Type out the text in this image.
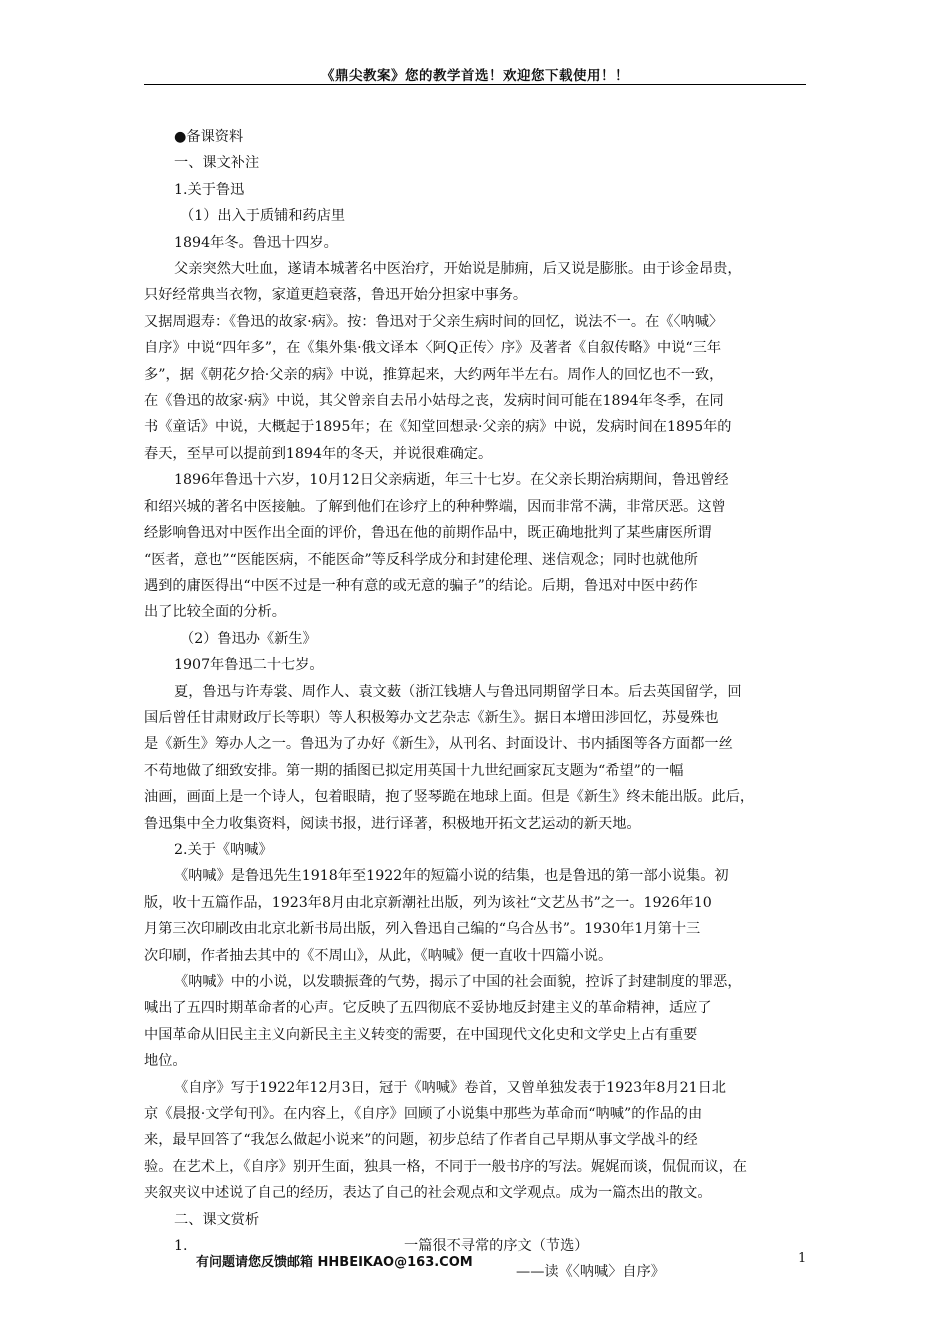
《鼎尖教案》您的教学首选！欢迎您下载使用！！
●备课资料
一、课文补注
1.关于鲁迅
（1）出入于质铺和药店里
1894年冬。鲁迅十四岁。
父亲突然大吐血，遂请本城著名中医治疗，开始说是肺痈，后又说是膨胀。由于诊金昂贵，
只好经常典当衣物，家道更趋衰落，鲁迅开始分担家中事务。
又据周遐寿：《鲁迅的故家·病》。按：鲁迅对于父亲生病时间的回忆，说法不一。在《〈呐喊〉
自序》中说“四年多”，在《集外集·俄文译本〈阿Q正传〉序》及著者《自叙传略》中说“三年
多”，据《朝花夕拾·父亲的病》中说，推算起来，大约两年半左右。周作人的回忆也不一致，
在《鲁迅的故家·病》中说，其父曾亲自去吊小姑母之丧，发病时间可能在1894年冬季，在同
书《童话》中说，大概起于1895年；在《知堂回想录·父亲的病》中说，发病时间在1895年的
春天，至早可以提前到1894年的冬天，并说很难确定。
1896年鲁迅十六岁，10月12日父亲病逝，年三十七岁。在父亲长期治病期间，鲁迅曾经
和绍兴城的著名中医接触。了解到他们在诊疗上的种种弊端，因而非常不满，非常厌恶。这曾
经影响鲁迅对中医作出全面的评价，鲁迅在他的前期作品中，既正确地批判了某些庸医所谓
“医者，意也”“医能医病，不能医命”等反科学成分和封建伦理、迷信观念；同时也就他所
遇到的庸医得出“中医不过是一种有意的或无意的骗子”的结论。后期，鲁迅对中医中药作
出了比较全面的分析。
（2）鲁迅办《新生》
1907年鲁迅二十七岁。
夏，鲁迅与许寿裳、周作人、袁文薮（浙江钱塘人与鲁迅同期留学日本。后去英国留学，回
国后曾任甘肃财政厅长等职）等人积极筹办文艺杂志《新生》。据日本增田涉回忆，苏曼殊也
是《新生》筹办人之一。鲁迅为了办好《新生》，从刊名、封面设计、书内插图等各方面都一丝
不苟地做了细致安排。第一期的插图已拟定用英国十九世纪画家瓦支题为“希望”的一幅
油画，画面上是一个诗人，包着眼睛，抱了竖琴跪在地球上面。但是《新生》终未能出版。此后，
鲁迅集中全力收集资料，阅读书报，进行译著，积极地开拓文艺运动的新天地。
2.关于《呐喊》
《呐喊》是鲁迅先生1918年至1922年的短篇小说的结集，也是鲁迅的第一部小说集。初
版，收十五篇作品，1923年8月由北京新潮社出版，列为该社“文艺丛书”之一。1926年10
月第三次印刷改由北京北新书局出版，列入鲁迅自己编的“乌合丛书”。1930年1月第十三
次印刷，作者抽去其中的《不周山》，从此，《呐喊》便一直收十四篇小说。
《呐喊》中的小说，以发聩振聋的气势，揭示了中国的社会面貌，控诉了封建制度的罪恶，
喊出了五四时期革命者的心声。它反映了五四彻底不妥协地反封建主义的革命精神，适应了
中国革命从旧民主主义向新民主主义转变的需要，在中国现代文化史和文学史上占有重要
地位。
《自序》写于1922年12月3日，冠于《呐喊》卷首，又曾单独发表于1923年8月21日北
京《晨报·文学旬刊》。在内容上，《自序》回顾了小说集中那些为革命而“呐喊”的作品的由
来，最早回答了“我怎么做起小说来”的问题，初步总结了作者自己早期从事文学战斗的经
验。在艺术上，《自序》别开生面，独具一格，不同于一般书序的写法。娓娓而谈，侃侃而议，在
夹叙夹议中述说了自己的经历，表达了自己的社会观点和文学观点。成为一篇杰出的散文。
二、课文赏析
1.	一篇很不寻常的序文（节选）
——读《〈呐喊〉自序》
有问题请您反馈邮箱 HHBEIKAO@163.COM	1
